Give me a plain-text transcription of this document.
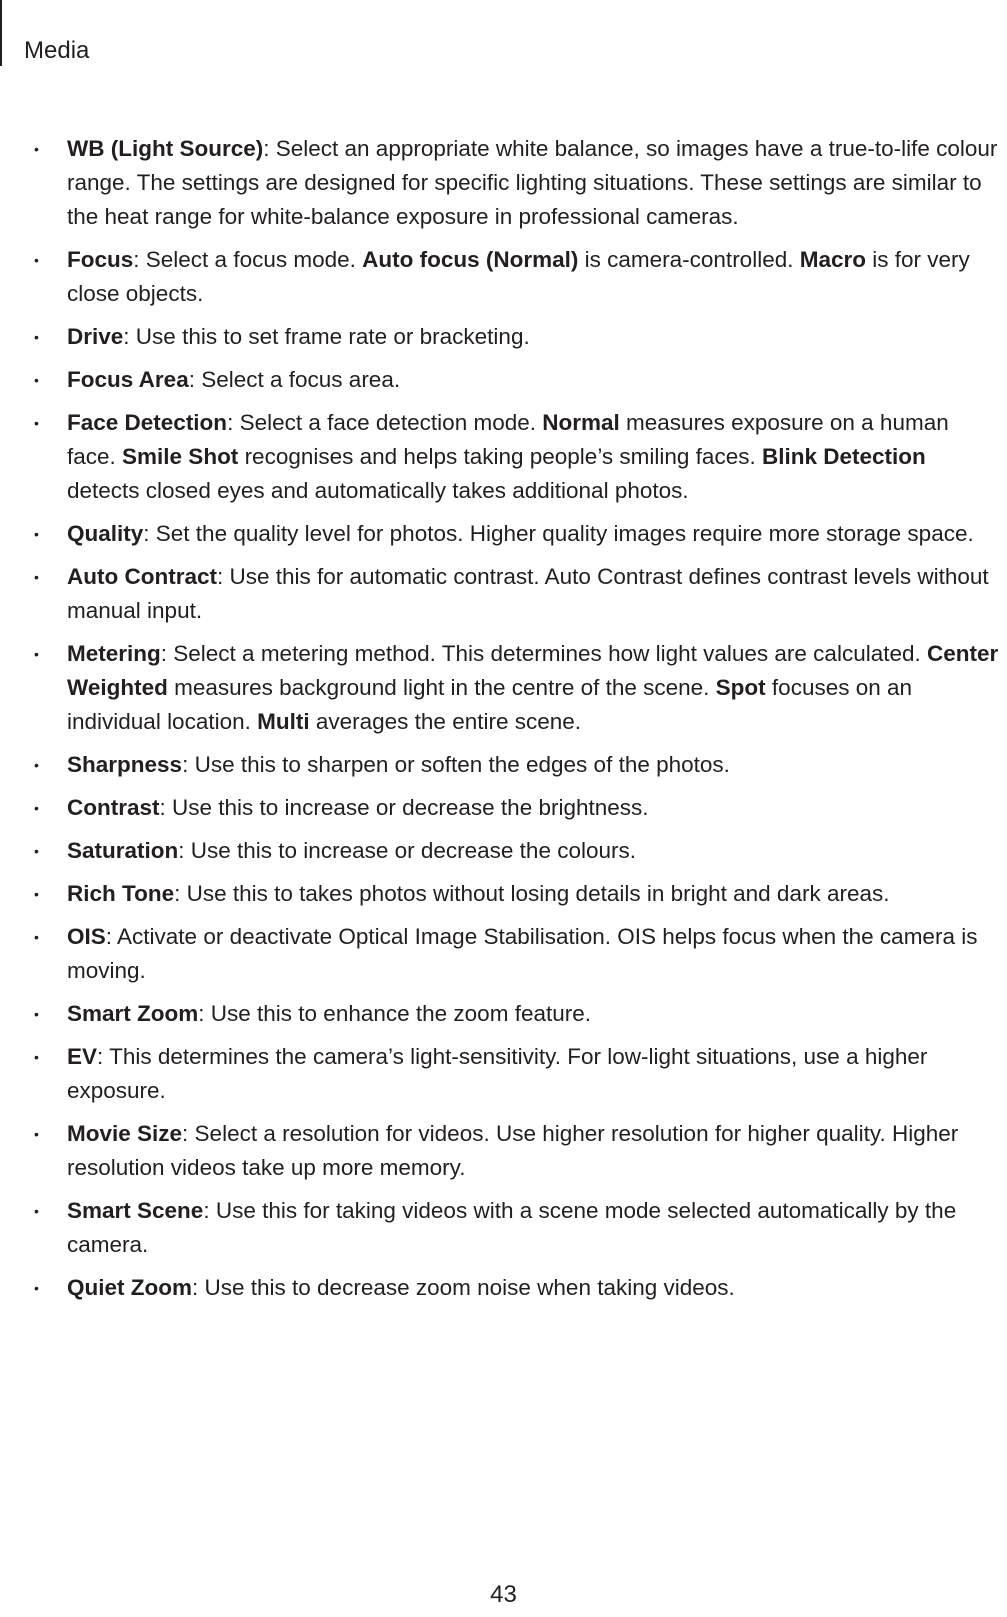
Media
• WB (Light Source): Select an appropriate white balance, so images have a true-to-life colour range. The settings are designed for specific lighting situations. These settings are similar to the heat range for white-balance exposure in professional cameras.
• Focus: Select a focus mode. Auto focus (Normal) is camera-controlled. Macro is for very close objects.
• Drive: Use this to set frame rate or bracketing.
• Focus Area: Select a focus area.
• Face Detection: Select a face detection mode. Normal measures exposure on a human face. Smile Shot recognises and helps taking people’s smiling faces. Blink Detection detects closed eyes and automatically takes additional photos.
• Quality: Set the quality level for photos. Higher quality images require more storage space.
• Auto Contract: Use this for automatic contrast. Auto Contrast defines contrast levels without manual input.
• Metering: Select a metering method. This determines how light values are calculated. Center Weighted measures background light in the centre of the scene. Spot focuses on an individual location. Multi averages the entire scene.
• Sharpness: Use this to sharpen or soften the edges of the photos.
• Contrast: Use this to increase or decrease the brightness.
• Saturation: Use this to increase or decrease the colours.
• Rich Tone: Use this to takes photos without losing details in bright and dark areas.
• OIS: Activate or deactivate Optical Image Stabilisation. OIS helps focus when the camera is moving.
• Smart Zoom: Use this to enhance the zoom feature.
• EV: This determines the camera’s light-sensitivity. For low-light situations, use a higher exposure.
• Movie Size: Select a resolution for videos. Use higher resolution for higher quality. Higher resolution videos take up more memory.
• Smart Scene: Use this for taking videos with a scene mode selected automatically by the camera.
• Quiet Zoom: Use this to decrease zoom noise when taking videos.
43
